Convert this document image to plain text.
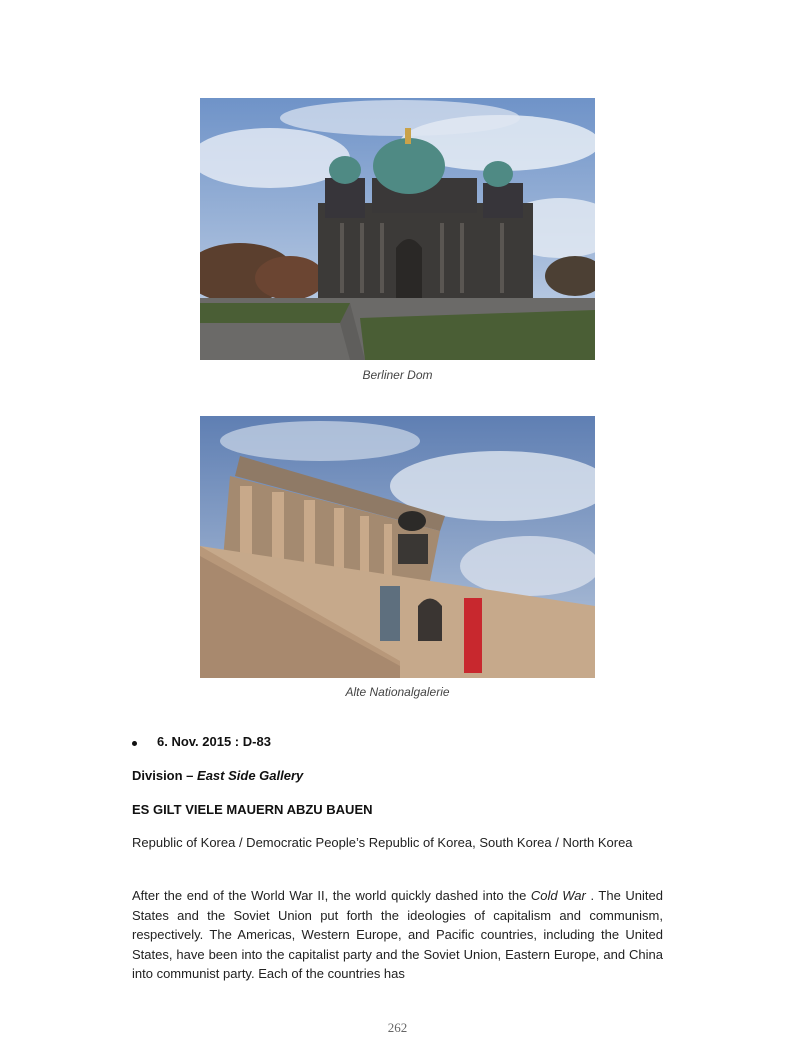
Berliner Dom
Alte Nationalgalerie
6. Nov. 2015 : D-83
Division – East Side Gallery
ES GILT VIELE MAUERN ABZU BAUEN
Republic of Korea / Democratic People’s Republic of Korea, South Korea / North Korea
After the end of the World War II, the world quickly dashed into the Cold War . The United States and the Soviet Union put forth the ideologies of capitalism and communism, respectively. The Americas, Western Europe, and Pacific countries, including the United States, have been into the capitalist party and the Soviet Union, Eastern Europe, and China into communist party. Each of the countries has
262
